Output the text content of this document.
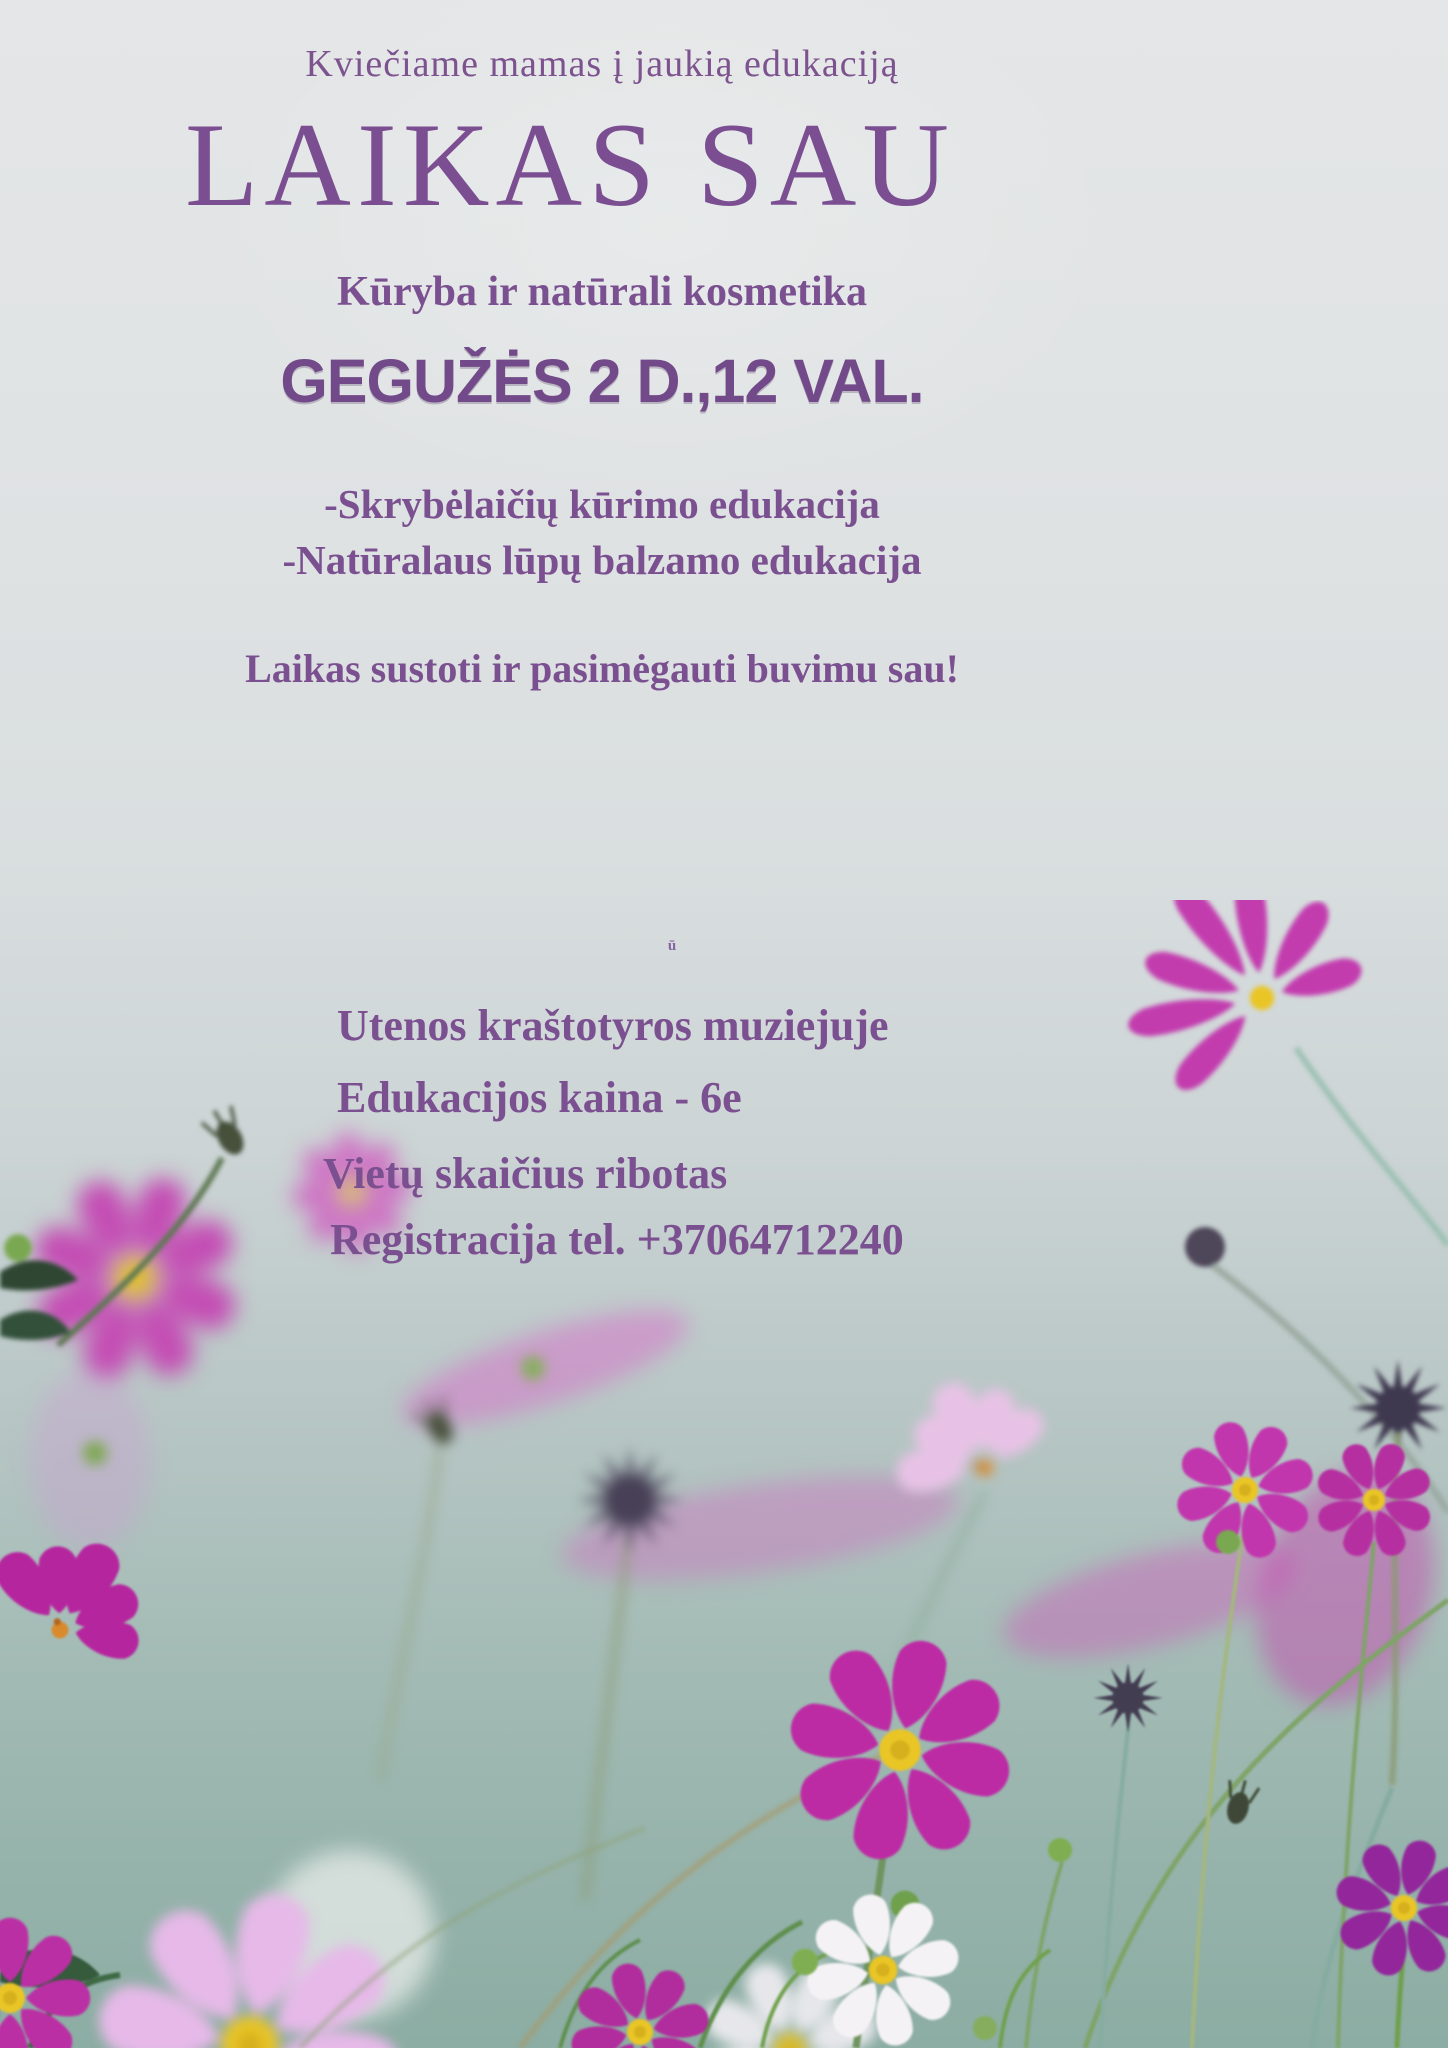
Kviečiame mamas į jaukią edukaciją
LAIKAS SAU
Kūryba ir natūrali kosmetika
GEGUŽĖS 2 D.,12 VAL.
-Skrybėlaičių kūrimo edukacija
-Natūralaus lūpų balzamo edukacija
Laikas sustoti ir pasimėgauti buvimu sau!
ū
Utenos kraštotyros muziejuje
Edukacijos kaina - 6e
Vietų skaičius ribotas
Registracija tel. +37064712240
